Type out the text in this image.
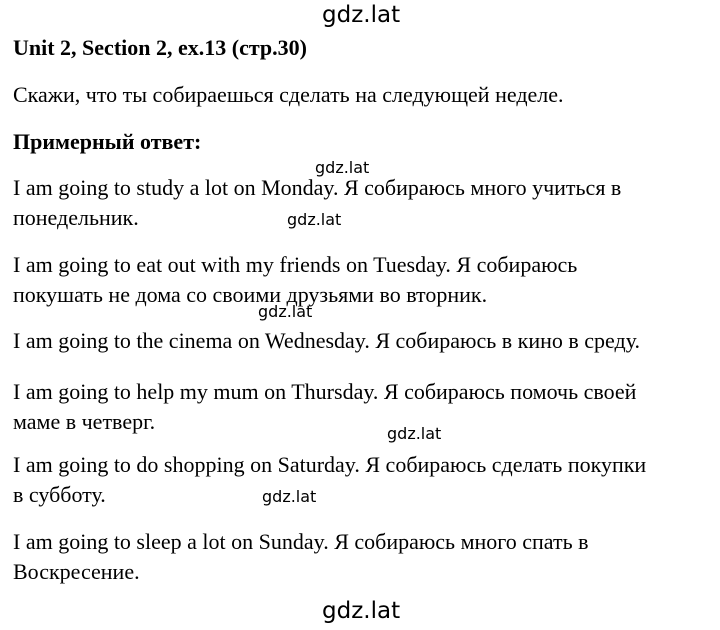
gdz.lat
Unit 2, Section 2, ex.13 (стр.30)
Скажи, что ты собираешься сделать на следующей неделе.
Примерный ответ:
gdz.lat
I am going to study a lot on Monday. Я собираюсь много учиться в
понедельник.	gdz.lat
I am going to eat out with my friends on Tuesday. Я собираюсь
покушать не дома со своими друзьями во вторник.
gdz.lat
I am going to the cinema on Wednesday. Я собираюсь в кино в среду.
I am going to help my mum on Thursday. Я собираюсь помочь своей
маме в четверг.	gdz.lat
I am going to do shopping on Saturday. Я собираюсь сделать покупки
в субботу.	gdz.lat
I am going to sleep a lot on Sunday. Я собираюсь много спать в
Воскресение.
gdz.lat
